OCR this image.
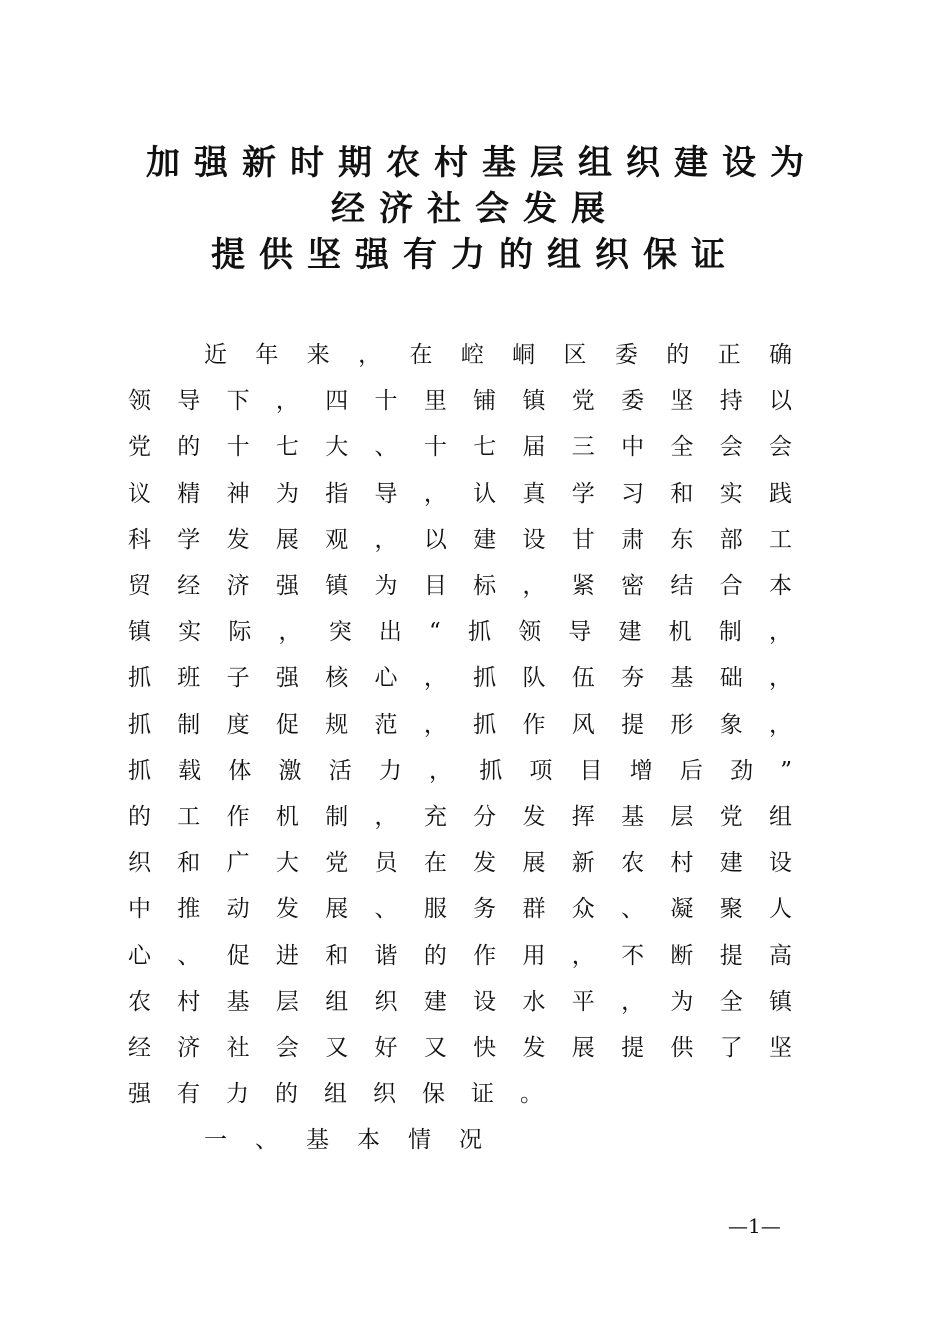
加强新时期农村基层组织建设为
经济社会发展
提供坚强有力的组织保证

近年来，在崆峒区委的正确

领导下，四十里铺镇党委坚持以

党的十七大、十七届三中全会会

议精神为指导，认真学习和实践

科学发展观，以建设甘肃东部工

贸经济强镇为目标，紧密结合本

镇实际，突出“抓领导建机制，

抓班子强核心，抓队伍夯基础，

抓制度促规范，抓作风提形象，

抓载体激活力，抓项目增后劲”

的工作机制，充分发挥基层党组

织和广大党员在发展新农村建设

中推动发展、服务群众、凝聚人

心、促进和谐的作用，不断提高

农村基层组织建设水平，为全镇

经济社会又好又快发展提供了坚

强有力的组织保证。

一、基本情况

—1—
